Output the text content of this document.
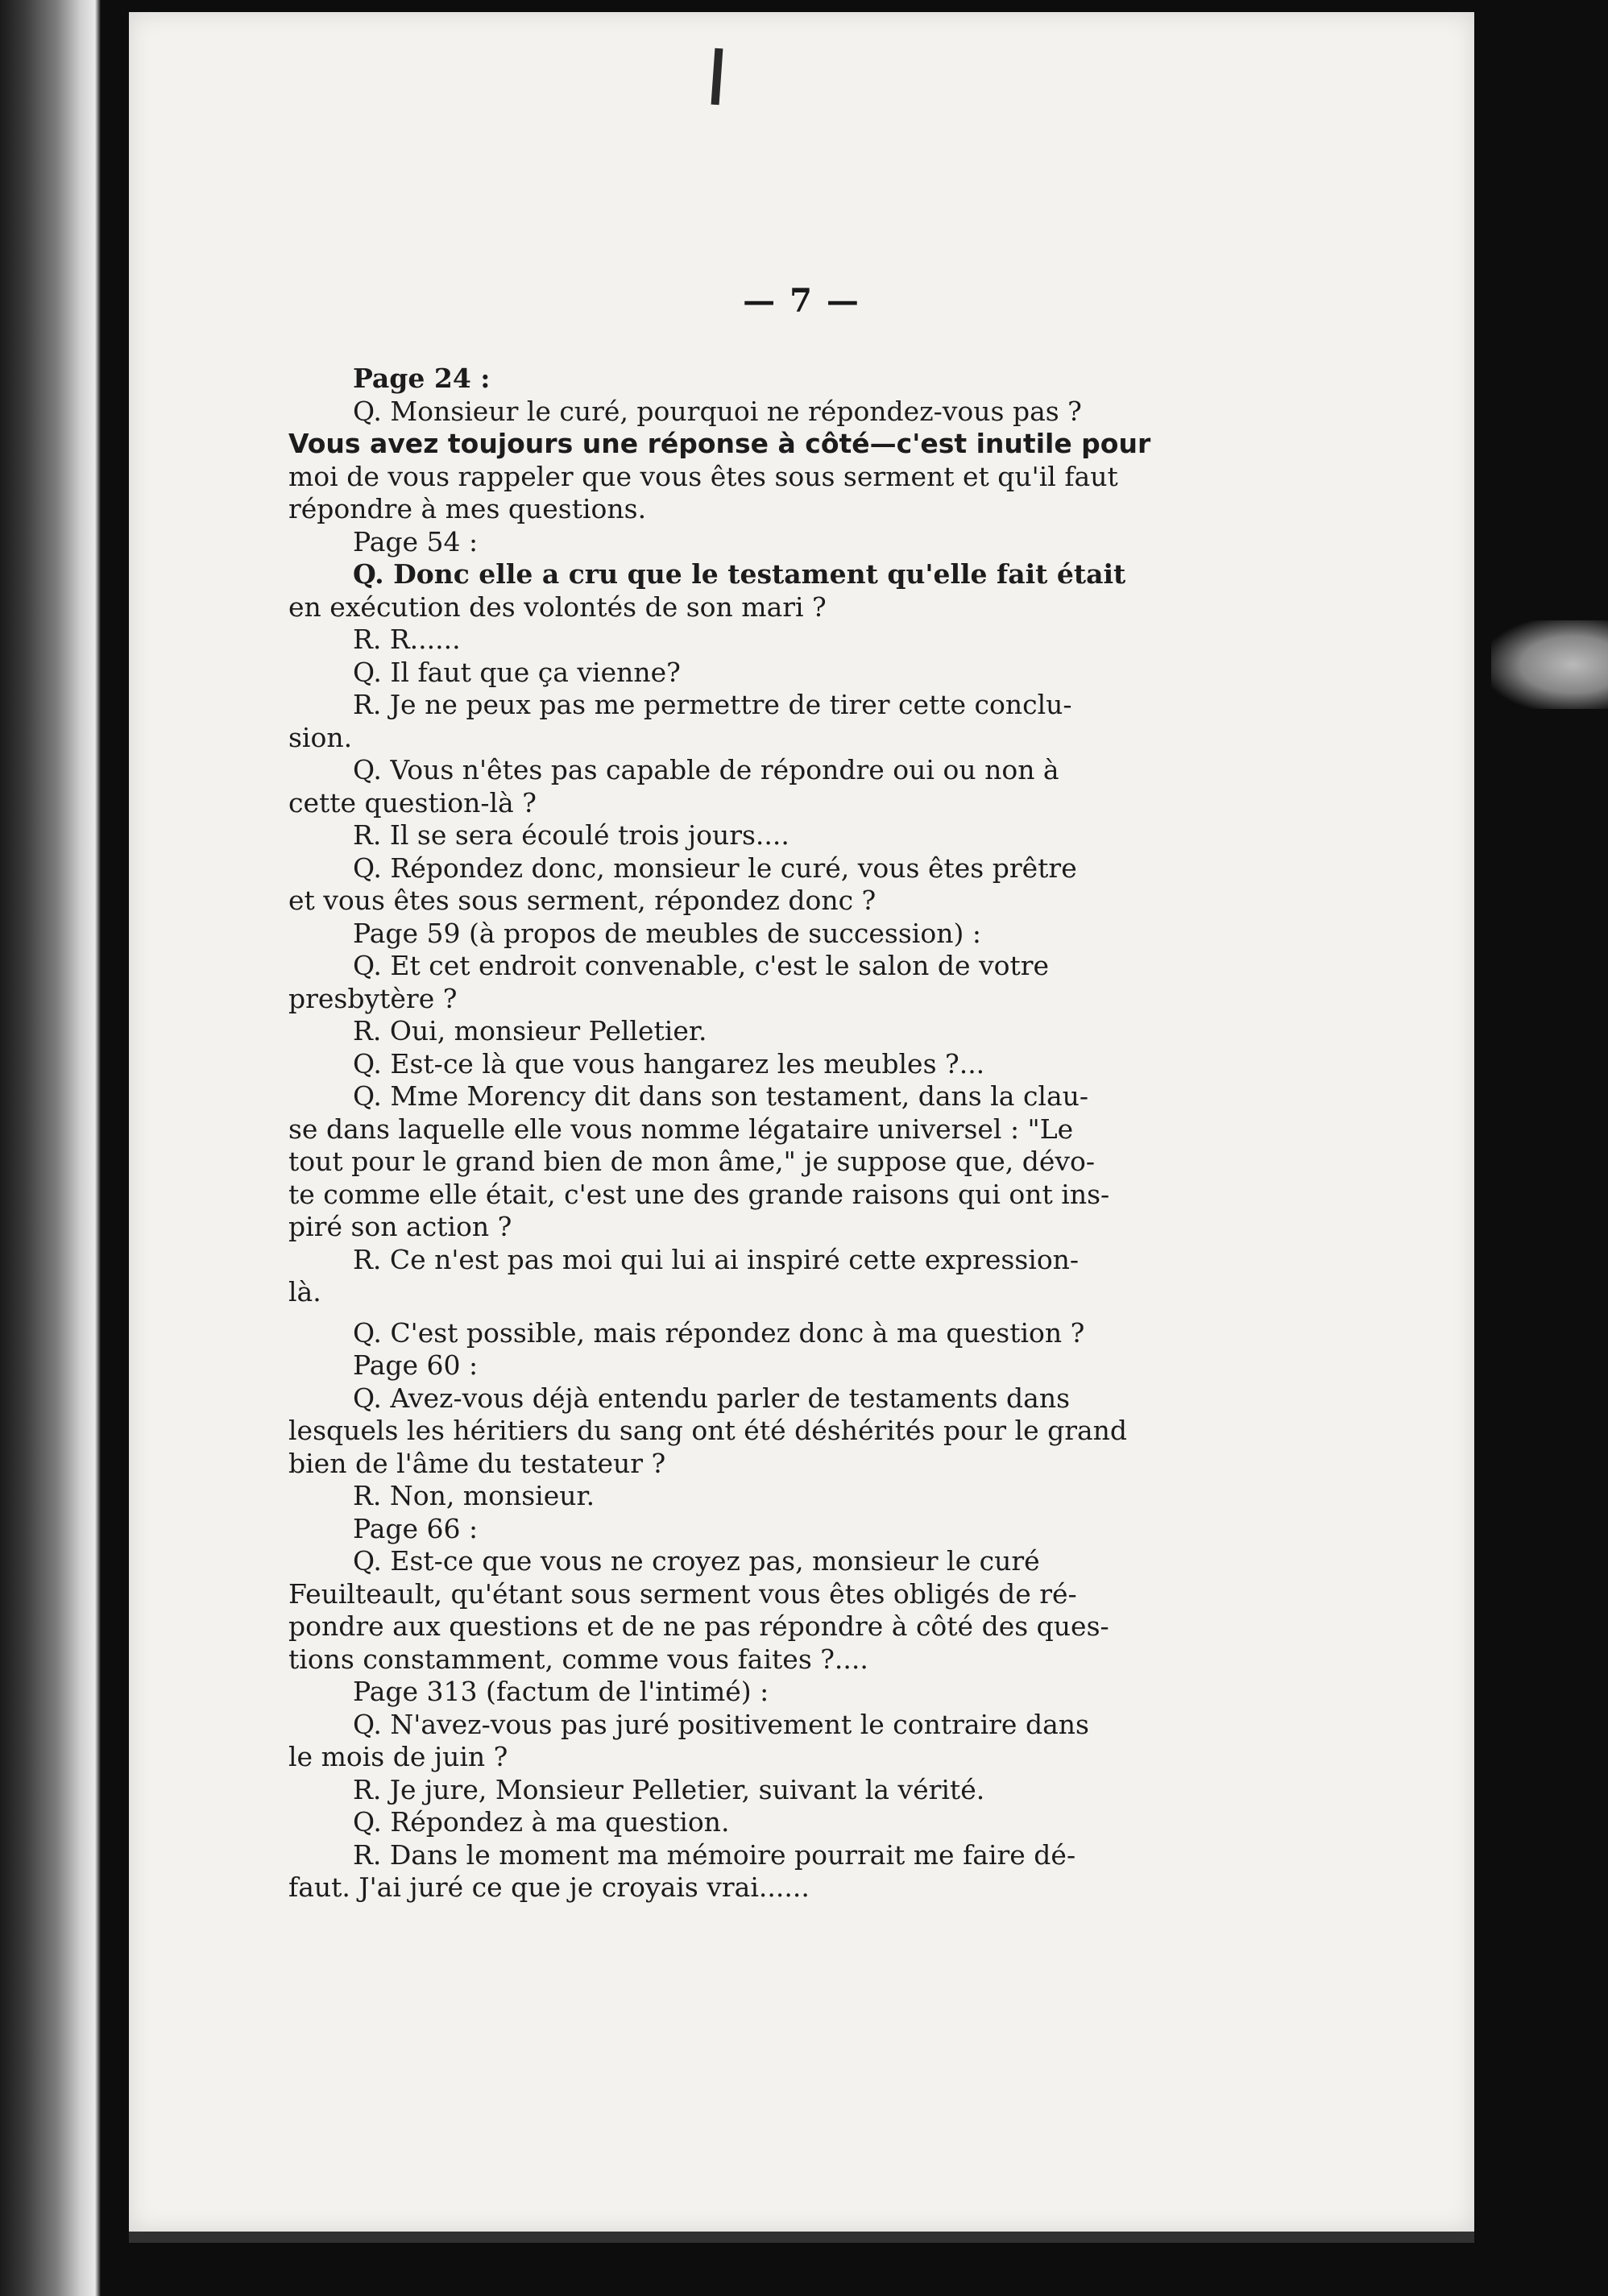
— 7 —
Page 24 :
Q. Monsieur le curé, pourquoi ne répondez-vous pas ?
Vous avez toujours une réponse à côté—c'est inutile pour
moi de vous rappeler que vous êtes sous serment et qu'il faut
répondre à mes questions.
Page 54 :
Q. Donc elle a cru que le testament qu'elle fait était
en exécution des volontés de son mari ?
R. R......
Q. Il faut que ça vienne?
R. Je ne peux pas me permettre de tirer cette conclu-
sion.
Q. Vous n'êtes pas capable de répondre oui ou non à
cette question-là ?
R. Il se sera écoulé trois jours....
Q. Répondez donc, monsieur le curé, vous êtes prêtre
et vous êtes sous serment, répondez donc ?
Page 59 (à propos de meubles de succession) :
Q. Et cet endroit convenable, c'est le salon de votre
presbytère ?
R. Oui, monsieur Pelletier.
Q. Est-ce là que vous hangarez les meubles ?...
Q. Mme Morency dit dans son testament, dans la clau-
se dans laquelle elle vous nomme légataire universel : "Le
tout pour le grand bien de mon âme," je suppose que, dévo-
te comme elle était, c'est une des grande raisons qui ont ins-
piré son action ?
R. Ce n'est pas moi qui lui ai inspiré cette expression-
là.
Q. C'est possible, mais répondez donc à ma question ?
Page 60 :
Q. Avez-vous déjà entendu parler de testaments dans
lesquels les héritiers du sang ont été déshérités pour le grand
bien de l'âme du testateur ?
R. Non, monsieur.
Page 66 :
Q. Est-ce que vous ne croyez pas, monsieur le curé
Feuilteault, qu'étant sous serment vous êtes obligés de ré-
pondre aux questions et de ne pas répondre à côté des ques-
tions constamment, comme vous faites ?....
Page 313 (factum de l'intimé) :
Q. N'avez-vous pas juré positivement le contraire dans
le mois de juin ?
R. Je jure, Monsieur Pelletier, suivant la vérité.
Q. Répondez à ma question.
R. Dans le moment ma mémoire pourrait me faire dé-
faut. J'ai juré ce que je croyais vrai......
